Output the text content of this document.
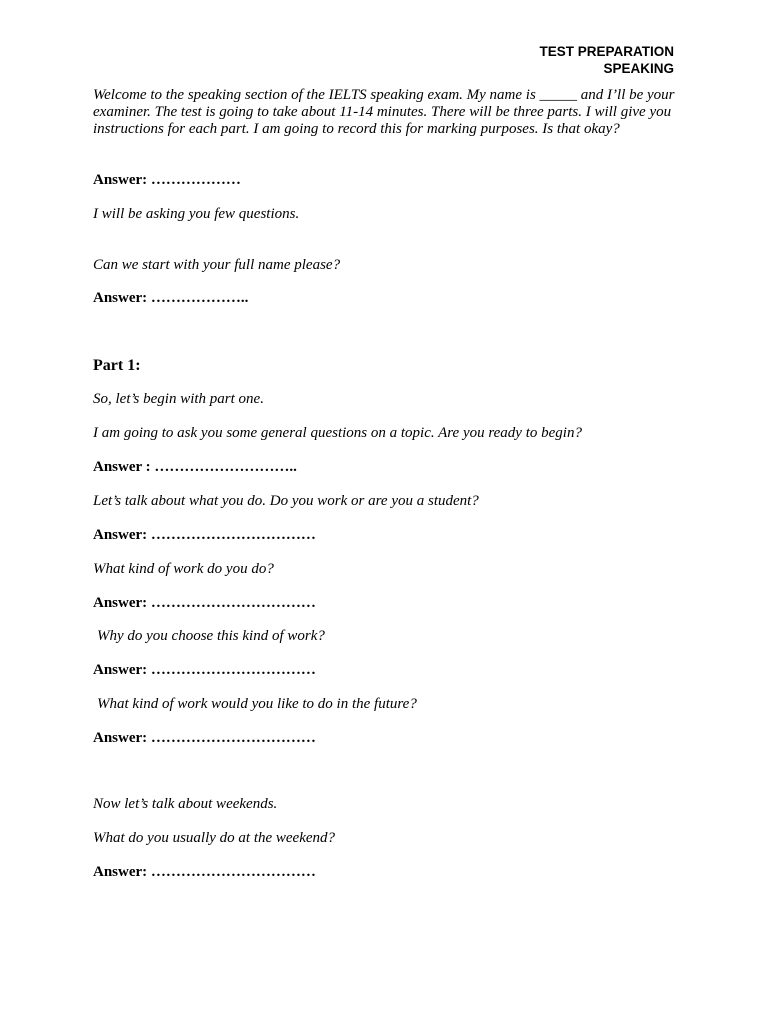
TEST PREPARATION
SPEAKING
Welcome to the speaking section of the IELTS speaking exam. My name is _____ and I’ll be your examiner. The test is going to take about 11-14 minutes. There will be three parts. I will give you instructions for each part. I am going to record this for marking purposes. Is that okay?
Answer: ………………
I will be asking you few questions.
Can we start with your full name please?
Answer: ………………..
Part 1:
So, let’s begin with part one.
I am going to ask you some general questions on a topic. Are you ready to begin?
Answer : ………………………..
Let’s talk about what you do. Do you work or are you a student?
Answer: ……………………………
What kind of work do you do?
Answer: ……………………………
Why do you choose this kind of work?
Answer: ……………………………
What kind of work would you like to do in the future?
Answer: ……………………………
Now let’s talk about weekends.
What do you usually do at the weekend?
Answer: ……………………………
